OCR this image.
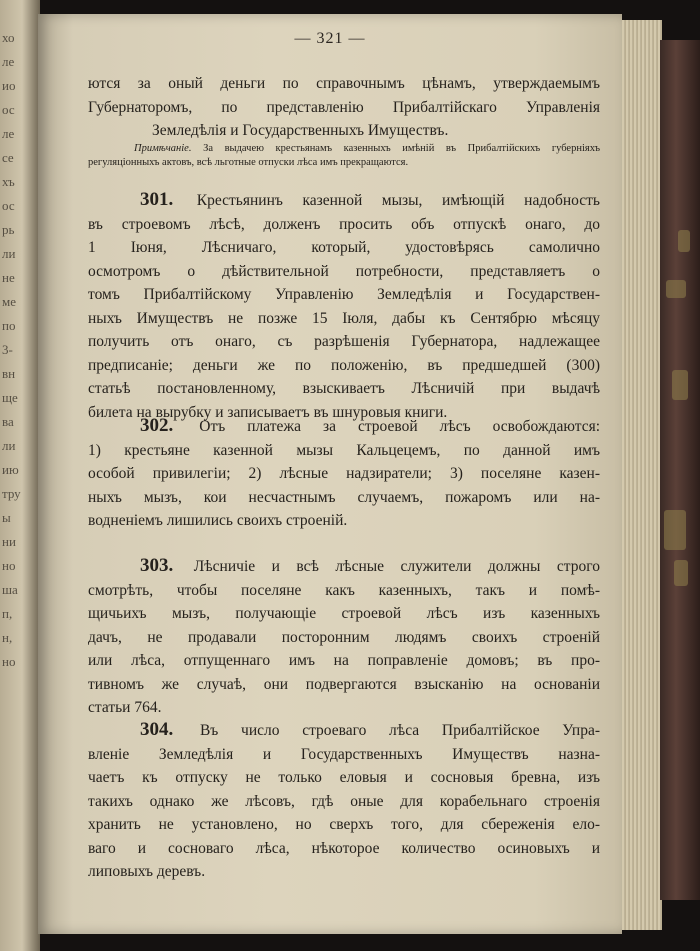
хо
ле
ио
ос
ле
се
хъ
ос
рь
ли
не
ме
по
3-
вн
ще
ва
ли
ию
тру
ы
ни
но
ша
п,
н,
но
— 321 —
ются за оный деньги по справочнымъ цѣнамъ, утверждаемымъ
Губернаторомъ, по представленію Прибалтійскаго Управленія
Земледѣлія и Государственныхъ Имуществъ.
Примѣчаніе. За выдачею крестьянамъ казенныхъ имѣній въ Прибалтійскихъ губерніяхъ
регуляціонныхъ актовъ, всѣ льготные отпуски лѣса имъ прекращаются.
301. Крестьянинъ казенной мызы, имѣющій надобность
въ строевомъ лѣсѣ, долженъ просить объ отпускѣ онаго, до
1 Іюня, Лѣсничаго, который, удостовѣрясь самолично
осмотромъ о дѣйствительной потребности, представляетъ о
томъ Прибалтійскому Управленію Земледѣлія и Государствен-
ныхъ Имуществъ не позже 15 Іюля, дабы къ Сентябрю мѣсяцу
получить отъ онаго, съ разрѣшенія Губернатора, надлежащее
предписаніе; деньги же по положенію, въ предшедшей (300)
статьѣ постановленному, взыскиваетъ Лѣсничій при выдачѣ
билета на вырубку и записываетъ въ шнуровыя книги.
302. Отъ платежа за строевой лѣсъ освобождаются:
1) крестьяне казенной мызы Кальцецемъ, по данной имъ
особой привилегіи; 2) лѣсные надзиратели; 3) поселяне казен-
ныхъ мызъ, кои несчастнымъ случаемъ, пожаромъ или на-
водненіемъ лишились своихъ строеній.
303. Лѣсничіе и всѣ лѣсные служители должны строго
смотрѣть, чтобы поселяне какъ казенныхъ, такъ и помѣ-
щичьихъ мызъ, получающіе строевой лѣсъ изъ казенныхъ
дачъ, не продавали посторонним людямъ своихъ строеній
или лѣса, отпущеннаго имъ на поправленіе домовъ; въ про-
тивномъ же случаѣ, они подвергаются взысканію на основаніи
статьи 764.
304. Въ число строеваго лѣса Прибалтійское Упра-
вленіе Земледѣлія и Государственныхъ Имуществъ назна-
чаетъ къ отпуску не только еловыя и сосновыя бревна, изъ
такихъ однако же лѣсовъ, гдѣ оные для корабельнаго строенія
хранить не установлено, но сверхъ того, для сбереженія ело-
ваго и сосноваго лѣса, нѣкоторое количество осиновыхъ и
липовыхъ деревъ.
